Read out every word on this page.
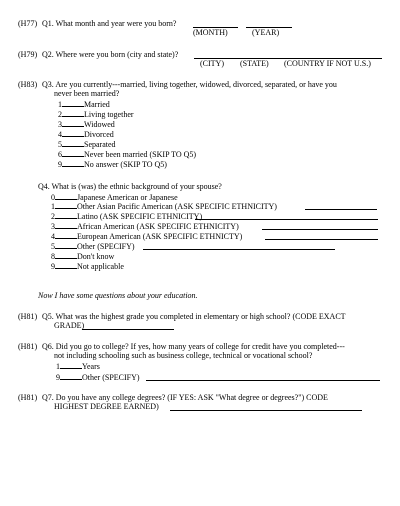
(H77) Q1. What month and year were you born?
(MONTH)	(YEAR)
(H79) Q2. Where were you born (city and state)?
(CITY) (STATE) (COUNTRY IF NOT U.S.)
(H83) Q3. Are you currently---married, living together, widowed, divorced, separated, or have you
never been married?
1	Married
2	Living together
3	Widowed
4	Divorced
5	Separated
6	Never been married (SKIP TO Q5)
9	No answer (SKIP TO Q5)
Q4. What is (was) the ethnic background of your spouse?
0	Japanese American or Japanese
1	Other Asian Pacific American (ASK SPECIFIC ETHNICITY)
2	Latino (ASK SPECIFIC ETHNICITY)
3	African American (ASK SPECIFIC ETHNICITY)
4	European American (ASK SPECIFIC ETHNICTY)
5	Other (SPECIFY)
8	Don't know
9	Not applicable
Now I have some questions about your education.
(H81) Q5. What was the highest grade you completed in elementary or high school? (CODE EXACT
GRADE)
(H81) Q6. Did you go to college? If yes, how many years of college for credit have you completed---
not including schooling such as business college, technical or vocational school?
1	Years
9	Other (SPECIFY)
(H81) Q7. Do you have any college degrees? (IF YES: ASK "What degree or degrees?") CODE
HIGHEST DEGREE EARNED)
